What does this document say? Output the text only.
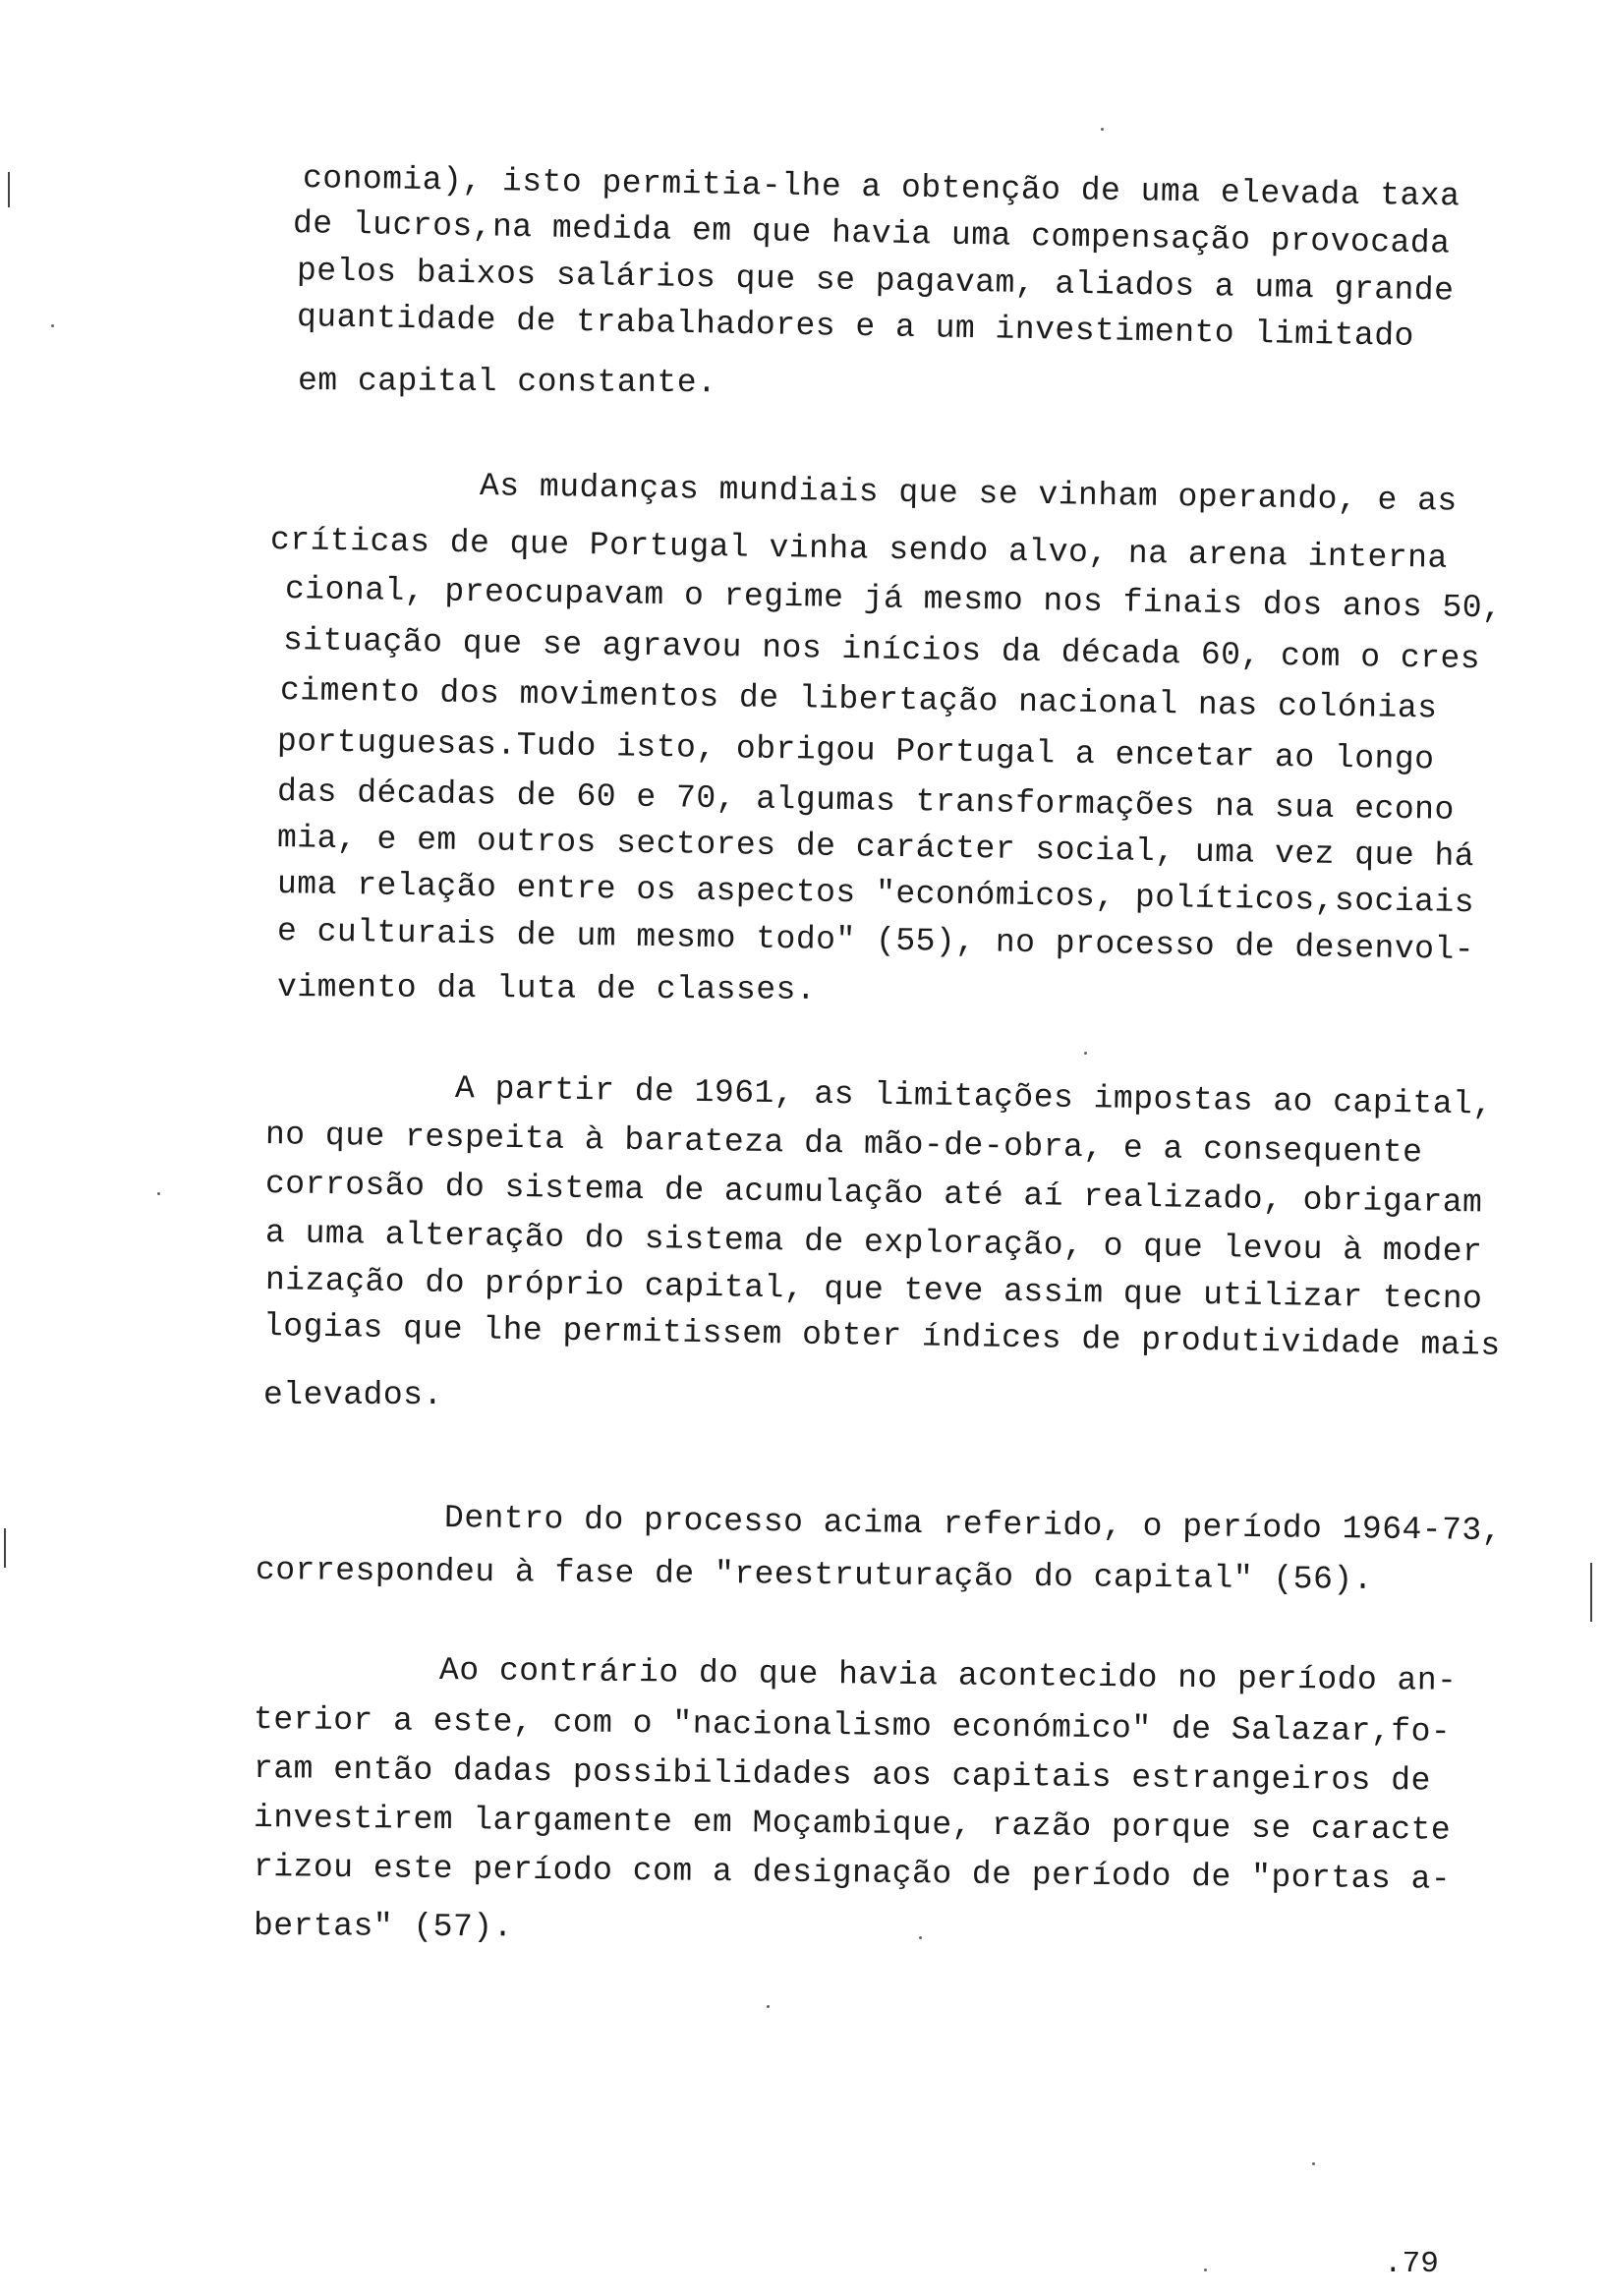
conomia), isto permitia-lhe a obtenção de uma elevada taxa
de lucros,na medida em que havia uma compensação provocada
pelos baixos salários que se pagavam, aliados a uma grande
quantidade de trabalhadores e a um investimento limitado
em capital constante.
As mudanças mundiais que se vinham operando, e as
críticas de que Portugal vinha sendo alvo, na arena interna
cional, preocupavam o regime já mesmo nos finais dos anos 50,
situação que se agravou nos inícios da década 60, com o cres
cimento dos movimentos de libertação nacional nas colónias
portuguesas.Tudo isto, obrigou Portugal a encetar ao longo
das décadas de 60 e 70, algumas transformações na sua econo
mia, e em outros sectores de carácter social, uma vez que há
uma relação entre os aspectos "económicos, políticos,sociais
e culturais de um mesmo todo" (55), no processo de desenvol-
vimento da luta de classes.
A partir de 1961, as limitações impostas ao capital,
no que respeita à barateza da mão-de-obra, e a consequente
corrosão do sistema de acumulação até aí realizado, obrigaram
a uma alteração do sistema de exploração, o que levou à moder
nização do próprio capital, que teve assim que utilizar tecno
logias que lhe permitissem obter índices de produtividade mais
elevados.
Dentro do processo acima referido, o período 1964-73,
correspondeu à fase de "reestruturação do capital" (56).
Ao contrário do que havia acontecido no período an-
terior a este, com o "nacionalismo económico" de Salazar,fo-
ram então dadas possibilidades aos capitais estrangeiros de
investirem largamente em Moçambique, razão porque se caracte
rizou este período com a designação de período de "portas a-
bertas" (57).
.79
